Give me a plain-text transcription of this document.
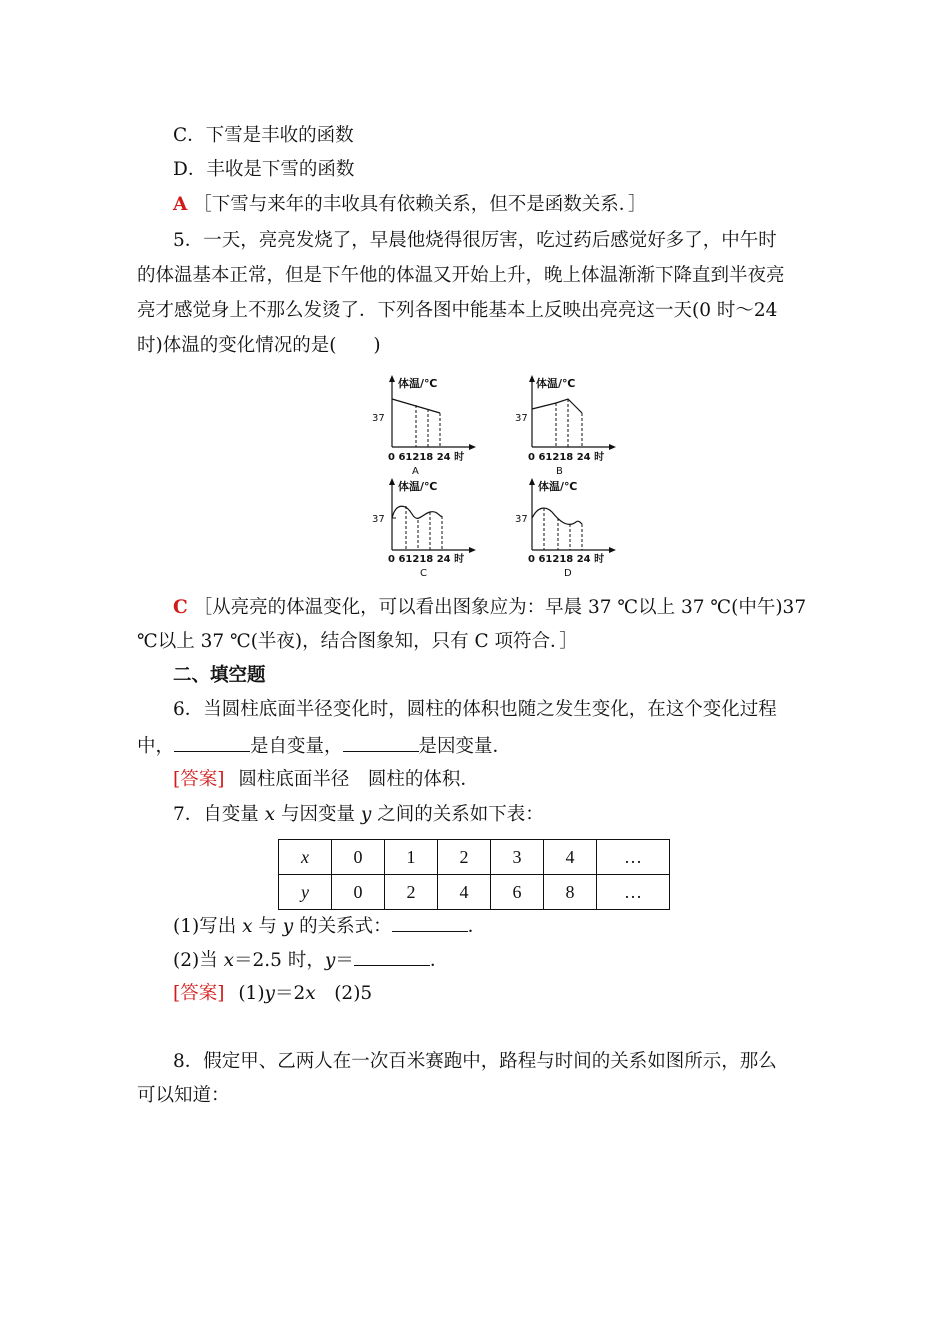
C．下雪是丰收的函数
D．丰收是下雪的函数
A ［下雪与来年的丰收具有依赖关系，但不是函数关系．］
5．一天，亮亮发烧了，早晨他烧得很厉害，吃过药后感觉好多了，中午时
的体温基本正常，但是下午他的体温又开始上升，晚上体温渐渐下降直到半夜亮
亮才感觉身上不那么发烫了．下列各图中能基本上反映出亮亮这一天(0 时～24
时)体温的变化情况的是(　　)
体温/℃
37
0 61218 24 时
A
体温/℃
37
0 61218 24 时
B
体温/℃
37
0 61218 24 时
C
体温/℃
37
0 61218 24 时
D
C ［从亮亮的体温变化，可以看出图象应为：早晨 37 ℃以上 37 ℃(中午)37
℃以上 37 ℃(半夜)，结合图象知，只有 C 项符合．］
二、填空题
6．当圆柱底面半径变化时，圆柱的体积也随之发生变化，在这个变化过程
中，	是自变量，	是因变量．
[答案] 圆柱底面半径　圆柱的体积．
7．自变量 x 与因变量 y 之间的关系如下表：
x	0	1	2	3	4	…
y	0	2	4	6	8	…
(1)写出 x 与 y 的关系式：	．
(2)当 x＝2.5 时，y＝	．
[答案] (1)y＝2x　(2)5
8．假定甲、乙两人在一次百米赛跑中，路程与时间的关系如图所示，那么
可以知道：
